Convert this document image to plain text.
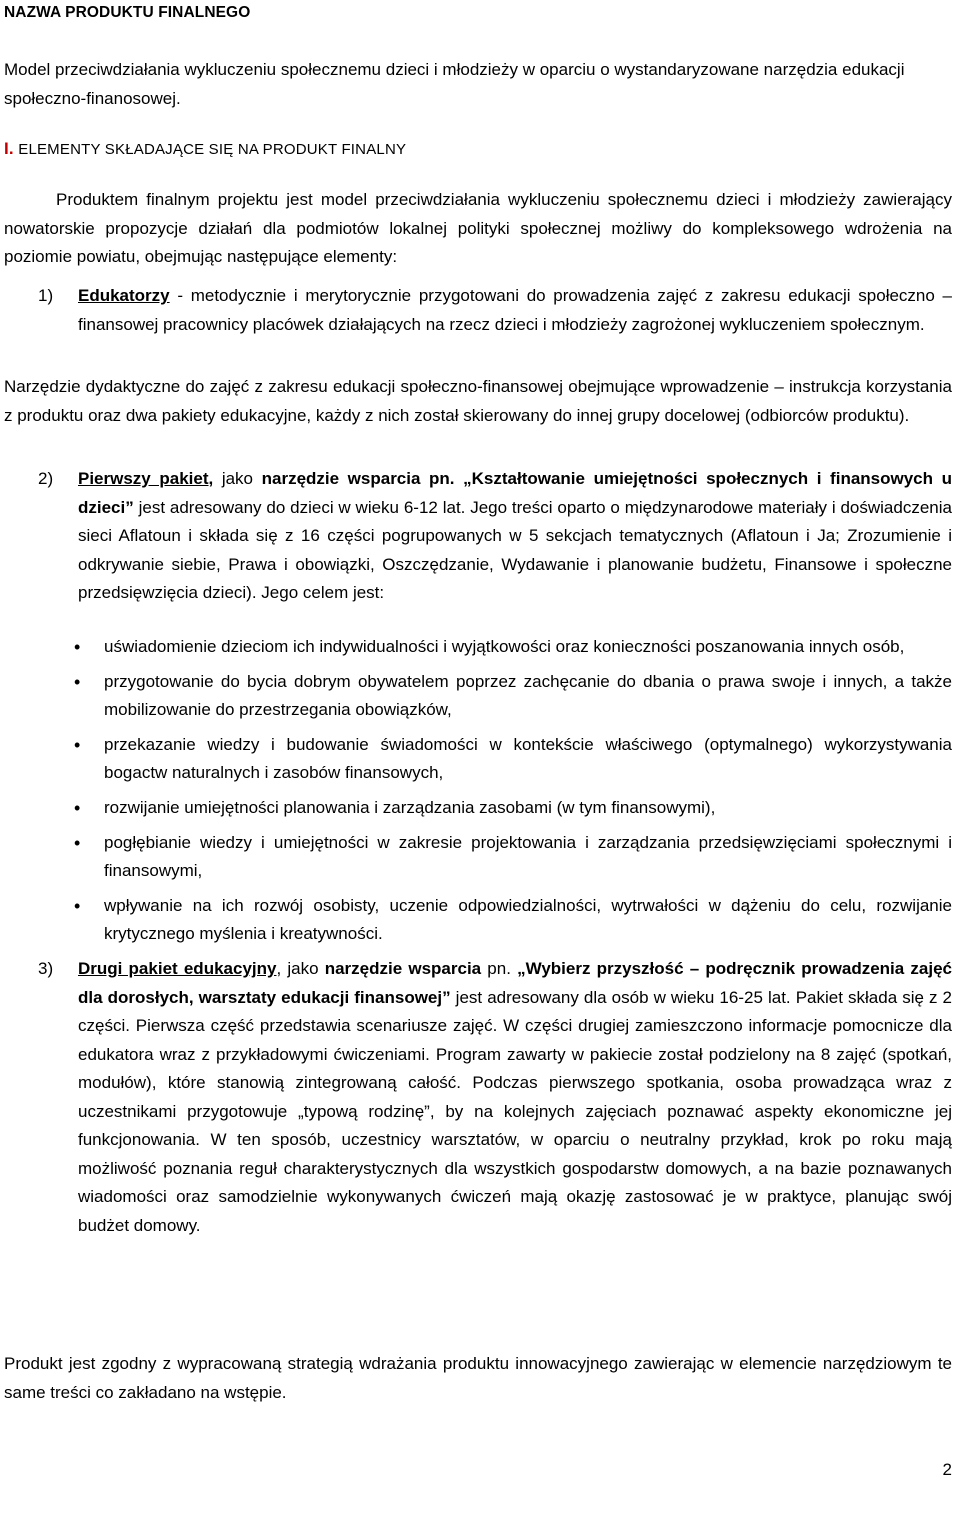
NAZWA PRODUKTU FINALNEGO
Model przeciwdziałania wykluczeniu społecznemu dzieci i młodzieży w oparciu o wystandaryzowane narzędzia edukacji społeczno-finanosowej.
I. ELEMENTY SKŁADAJĄCE SIĘ NA PRODUKT FINALNY

Produktem finalnym projektu jest model przeciwdziałania wykluczeniu społecznemu dzieci i młodzieży zawierający nowatorskie propozycje działań dla podmiotów lokalnej polityki społecznej możliwy do kompleksowego wdrożenia na poziomie powiatu, obejmując następujące elementy:

1) Edukatorzy - metodycznie i merytorycznie przygotowani do prowadzenia zajęć z zakresu edukacji społeczno – finansowej pracownicy placówek działających na rzecz dzieci i młodzieży zagrożonej wykluczeniem społecznym.

Narzędzie dydaktyczne do zajęć z zakresu edukacji społeczno-finansowej obejmujące wprowadzenie – instrukcja korzystania z produktu oraz dwa pakiety edukacyjne, każdy z nich został skierowany do innej grupy docelowej (odbiorców produktu).

2) Pierwszy pakiet, jako narzędzie wsparcia pn. „Kształtowanie umiejętności społecznych i finansowych u dzieci” jest adresowany do dzieci w wieku 6-12 lat. Jego treści oparto o międzynarodowe materiały i doświadczenia sieci Aflatoun i składa się z 16 części pogrupowanych w 5 sekcjach tematycznych (Aflatoun i Ja; Zrozumienie i odkrywanie siebie, Prawa i obowiązki, Oszczędzanie, Wydawanie i planowanie budżetu, Finansowe i społeczne przedsięwzięcia dzieci). Jego celem jest:
• uświadomienie dzieciom ich indywidualności i wyjątkowości oraz konieczności poszanowania innych osób,
• przygotowanie do bycia dobrym obywatelem poprzez zachęcanie do dbania o prawa swoje i innych, a także mobilizowanie do przestrzegania obowiązków,
• przekazanie wiedzy i budowanie świadomości w kontekście właściwego (optymalnego) wykorzystywania bogactw naturalnych i zasobów finansowych,
• rozwijanie umiejętności planowania i zarządzania zasobami (w tym finansowymi),
• pogłębianie wiedzy i umiejętności w zakresie projektowania i zarządzania przedsięwzięciami społecznymi i finansowymi,
• wpływanie na ich rozwój osobisty, uczenie odpowiedzialności, wytrwałości w dążeniu do celu, rozwijanie krytycznego myślenia i kreatywności.
3) Drugi pakiet edukacyjny, jako narzędzie wsparcia pn. „Wybierz przyszłość – podręcznik prowadzenia zajęć dla dorosłych, warsztaty edukacji finansowej” jest adresowany dla osób w wieku 16-25 lat. Pakiet składa się z 2 części. Pierwsza część przedstawia scenariusze zajęć. W części drugiej zamieszczono informacje pomocnicze dla edukatora wraz z przykładowymi ćwiczeniami. Program zawarty w pakiecie został podzielony na 8 zajęć (spotkań, modułów), które stanowią zintegrowaną całość. Podczas pierwszego spotkania, osoba prowadząca wraz z uczestnikami przygotowuje „typową rodzinę”, by na kolejnych zajęciach poznawać aspekty ekonomiczne jej funkcjonowania. W ten sposób, uczestnicy warsztatów, w oparciu o neutralny przykład, krok po roku mają możliwość poznania reguł charakterystycznych dla wszystkich gospodarstw domowych, a na bazie poznawanych wiadomości oraz samodzielnie wykonywanych ćwiczeń mają okazję zastosować je w praktyce, planując swój budżet domowy.
Produkt jest zgodny z wypracowaną strategią wdrażania produktu innowacyjnego zawierając w elemencie narzędziowym te same treści co zakładano na wstępie.
2
